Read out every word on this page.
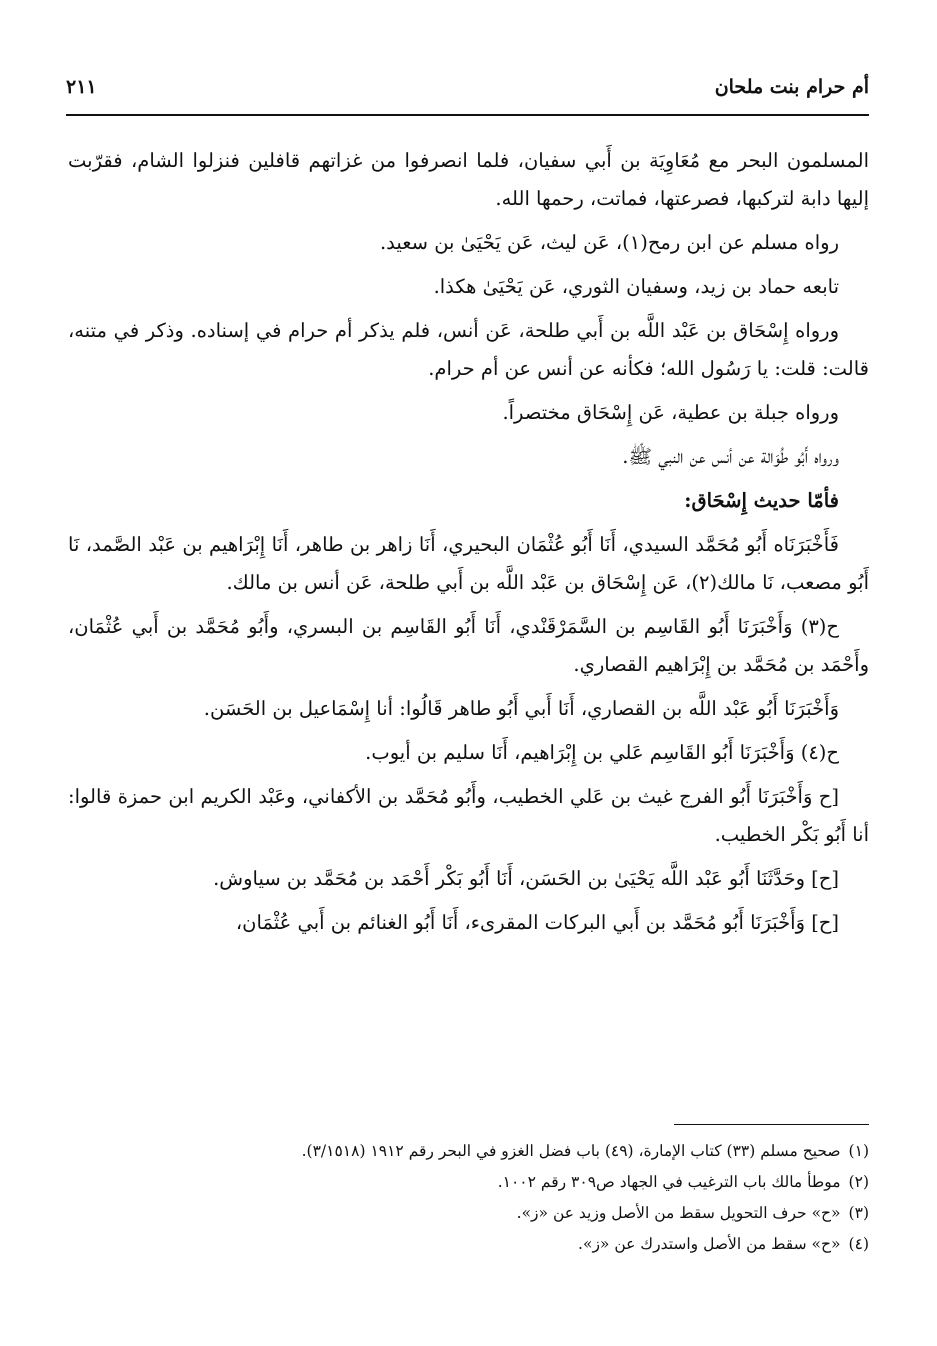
أم حرام بنت ملحان
٢١١

المسلمون البحر مع مُعَاوِيَة بن أَبي سفيان، فلما انصرفوا من غزاتهم قافلين فنزلوا الشام، فقرّبت إليها دابة لتركبها، فصرعتها، فماتت، رحمها الله.

رواه مسلم عن ابن رمح(١)، عَن ليث، عَن يَحْيَىٰ بن سعيد.

تابعه حماد بن زيد، وسفيان الثوري، عَن يَحْيَىٰ هكذا.

ورواه إِسْحَاق بن عَبْد اللَّه بن أَبي طلحة، عَن أنس، فلم يذكر أم حرام في إسناده. وذكر في متنه، قالت: قلت: يا رَسُول الله؛ فكأنه عن أنس عن أم حرام.

ورواه جبلة بن عطية، عَن إِسْحَاق مختصراً.

ورواه أَبُو طُوَالة عن أنس عن النبي ﷺ.

فأمّا حديث إِسْحَاق:

فَأَخْبَرَنَاه أَبُو مُحَمَّد السيدي، أَنَا أَبُو عُثْمَان البحيري، أَنَا زاهر بن طاهر، أَنَا إِبْرَاهيم بن عَبْد الصَّمد، نَا أَبُو مصعب، نَا مالك(٢)، عَن إِسْحَاق بن عَبْد اللَّه بن أَبي طلحة، عَن أنس بن مالك.

ح(٣) وَأَخْبَرَنَا أَبُو القَاسِم بن السَّمَرْقَنْدي، أَنَا أَبُو القَاسِم بن البسري، وأَبُو مُحَمَّد بن أَبي عُثْمَان، وأَحْمَد بن مُحَمَّد بن إِبْرَاهيم القصاري.

وَأَخْبَرَنَا أَبُو عَبْد اللَّه بن القصاري، أَنَا أَبي أَبُو طاهر قَالُوا: أنا إِسْمَاعيل بن الحَسَن.

ح(٤) وَأَخْبَرَنَا أَبُو القَاسِم عَلي بن إِبْرَاهيم، أَنَا سليم بن أيوب.

[ح وَأَخْبَرَنَا أَبُو الفرج غيث بن عَلي الخطيب، وأَبُو مُحَمَّد بن الأكفاني، وعَبْد الكريم ابن حمزة قالوا: أنا أَبُو بَكْر الخطيب.

[ح] وحَدَّثَنَا أَبُو عَبْد اللَّه يَحْيَىٰ بن الحَسَن، أَنَا أَبُو بَكْر أَحْمَد بن مُحَمَّد بن سياوش.

[ح] وَأَخْبَرَنَا أَبُو مُحَمَّد بن أَبي البركات المقرىء، أَنَا أَبُو الغنائم بن أَبي عُثْمَان،

(١)
صحيح مسلم (٣٣) كتاب الإمارة، (٤٩) باب فضل الغزو في البحر رقم ١٩١٢ (٣/١٥١٨).
(٢)
موطأ مالك باب الترغيب في الجهاد ص٣٠٩ رقم ١٠٠٢.
(٣)
«ح» حرف التحويل سقط من الأصل وزيد عن «ز».
(٤)
«ح» سقط من الأصل واستدرك عن «ز».
